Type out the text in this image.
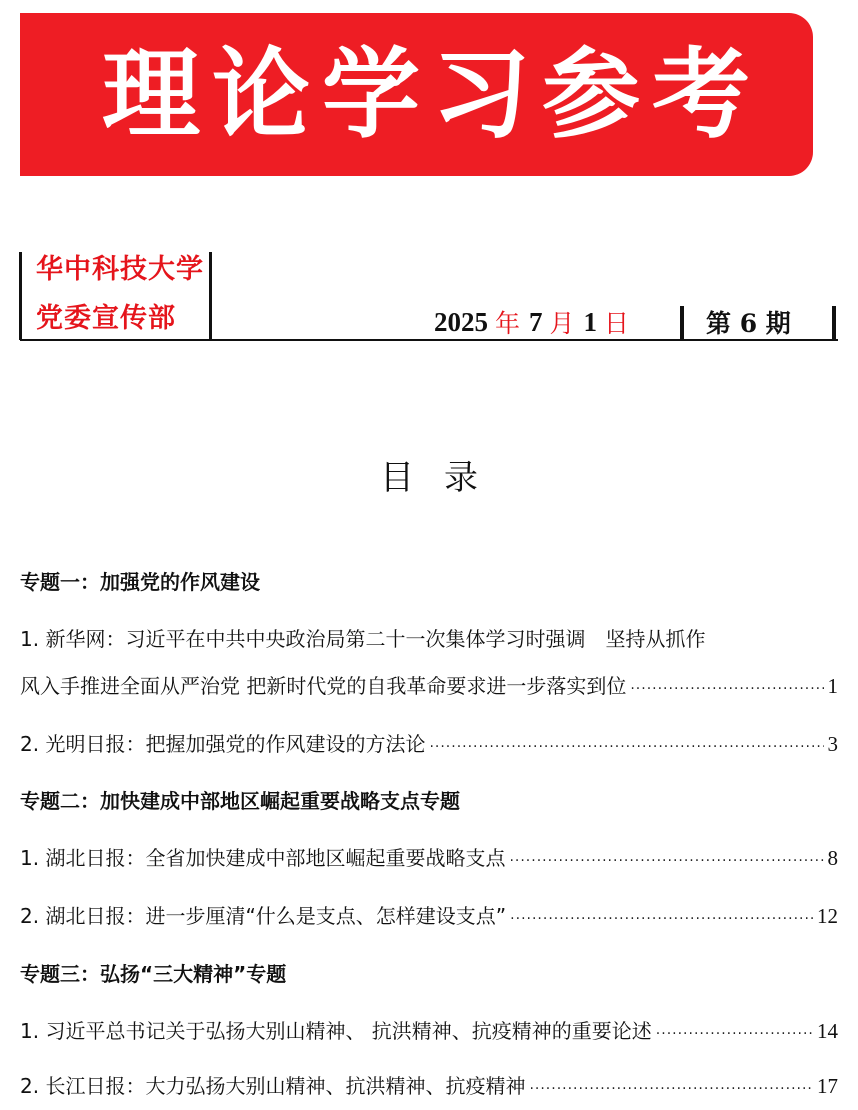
理论学习参考
华中科技大学
党委宣传部	2025 年 7 月 1 日	第 6 期
目录
专题一：加强党的作风建设
1. 新华网：习近平在中共中央政治局第二十一次集体学习时强调　坚持从抓作
风入手推进全面从严治党 把新时代党的自我革命要求进一步落实到位 ·····	1
2. 光明日报：把握加强党的作风建设的方法论 ·····	3
专题二：加快建成中部地区崛起重要战略支点专题
1. 湖北日报：全省加快建成中部地区崛起重要战略支点 ·····	8
2. 湖北日报：进一步厘清“什么是支点、怎样建设支点” ·····	12
专题三：弘扬“三大精神”专题
1. 习近平总书记关于弘扬大别山精神、 抗洪精神、抗疫精神的重要论述 ·····	14
2. 长江日报：大力弘扬大别山精神、抗洪精神、抗疫精神 ·····	17
